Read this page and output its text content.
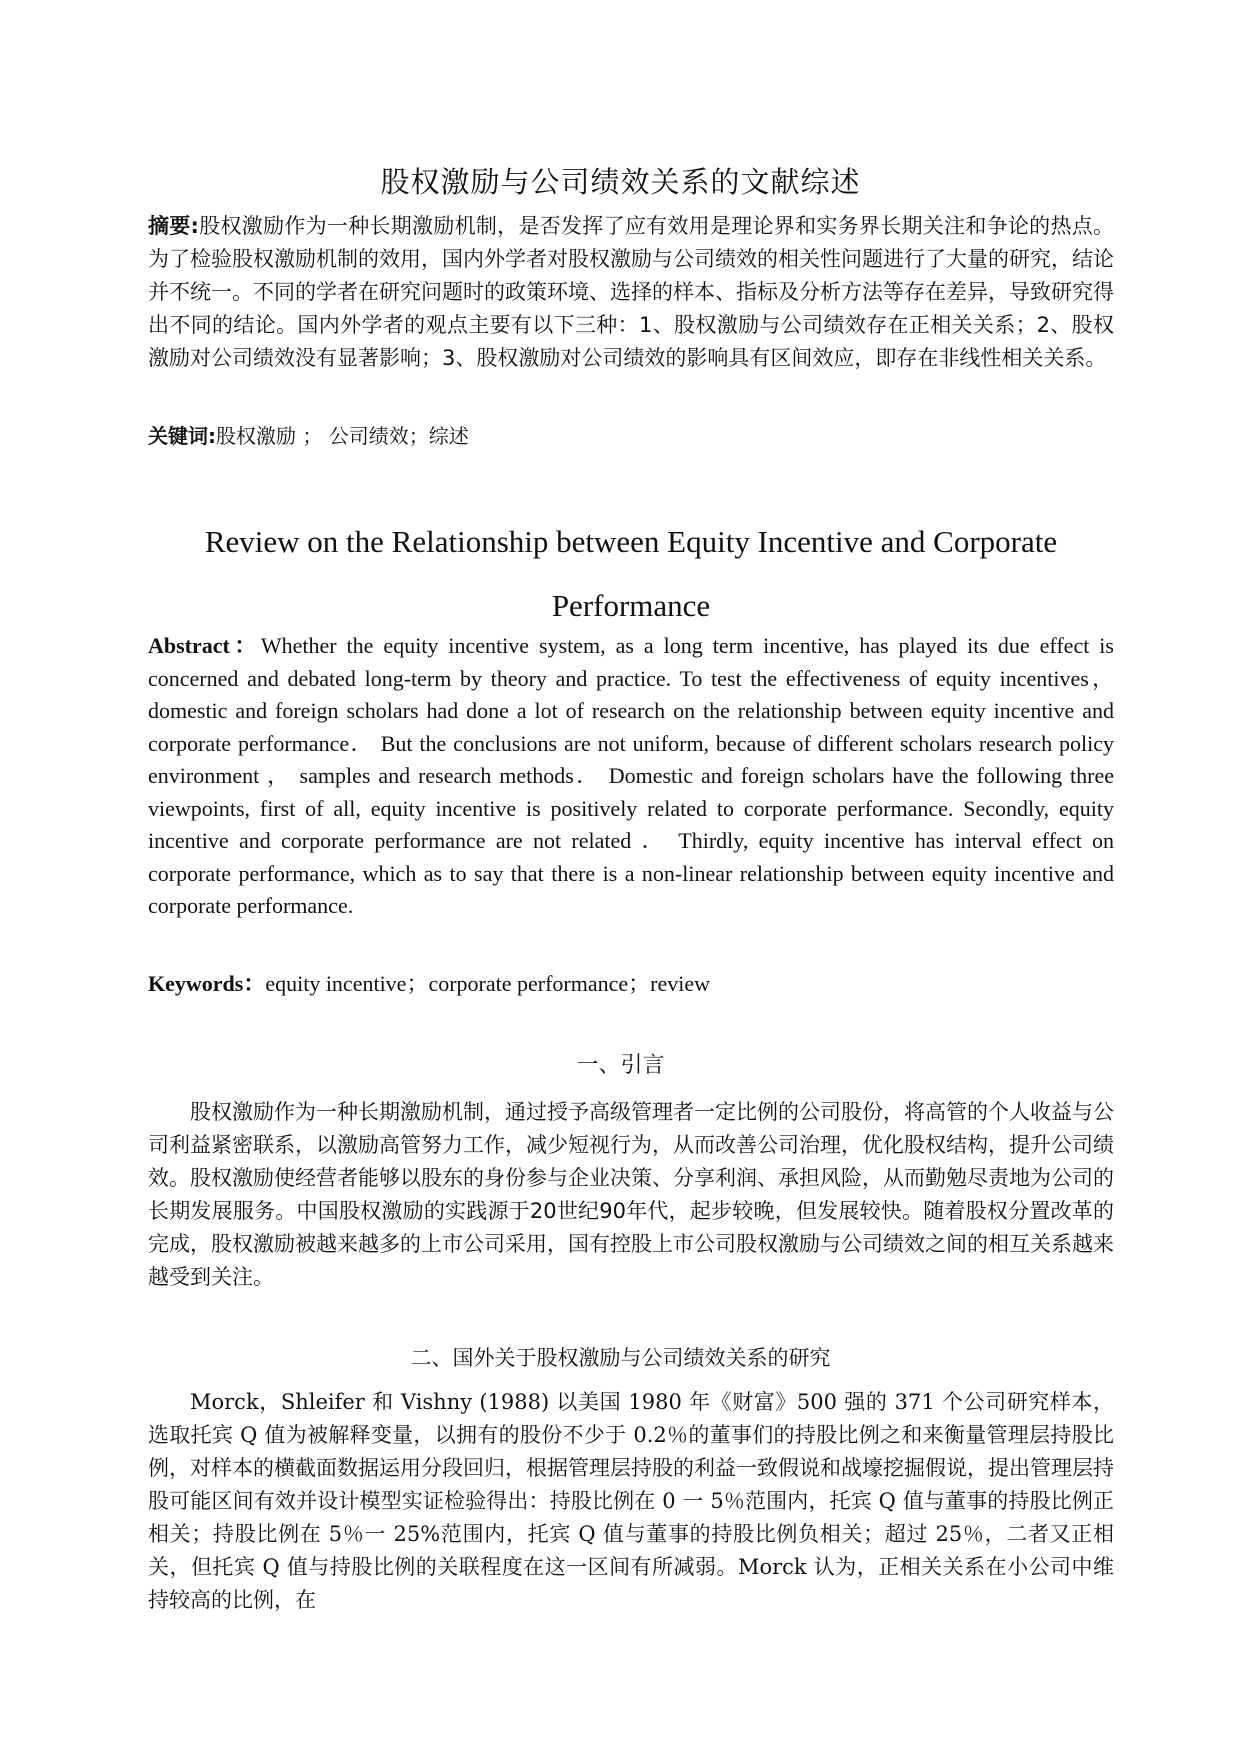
股权激励与公司绩效关系的文献综述
摘要:股权激励作为一种长期激励机制，是否发挥了应有效用是理论界和实务界长期关注和争论的热点。为了检验股权激励机制的效用，国内外学者对股权激励与公司绩效的相关性问题进行了大量的研究，结论并不统一。不同的学者在研究问题时的政策环境、选择的样本、指标及分析方法等存在差异，导致研究得出不同的结论。国内外学者的观点主要有以下三种：1、股权激励与公司绩效存在正相关关系；2、股权激励对公司绩效没有显著影响；3、股权激励对公司绩效的影响具有区间效应，即存在非线性相关关系。
关键词:股权激励 ； 公司绩效；综述
Review on the Relationship between Equity Incentive and Corporate
Performance
Abstract：Whether the equity incentive system, as a long term incentive, has played its due effect is concerned and debated long-term by theory and practice. To test the effectiveness of equity incentives， domestic and foreign scholars had done a lot of research on the relationship between equity incentive and corporate performance． But the conclusions are not uniform, because of different scholars research policy environment ， samples and research methods． Domestic and foreign scholars have the following three viewpoints, first of all, equity incentive is positively related to corporate performance. Secondly, equity incentive and corporate performance are not related ． Thirdly, equity incentive has interval effect on corporate performance, which as to say that there is a non-linear relationship between equity incentive and corporate performance.
Keywords：equity incentive；corporate performance；review
一、引言
股权激励作为一种长期激励机制，通过授予高级管理者一定比例的公司股份，将高管的个人收益与公司利益紧密联系，以激励高管努力工作，减少短视行为，从而改善公司治理，优化股权结构，提升公司绩效。股权激励使经营者能够以股东的身份参与企业决策、分享利润、承担风险，从而勤勉尽责地为公司的长期发展服务。中国股权激励的实践源于20世纪90年代，起步较晚，但发展较快。随着股权分置改革的完成，股权激励被越来越多的上市公司采用，国有控股上市公司股权激励与公司绩效之间的相互关系越来越受到关注。
二、国外关于股权激励与公司绩效关系的研究
Morck，Shleifer 和 Vishny (1988) 以美国 1980 年《财富》500 强的 371 个公司研究样本，选取托宾 Q 值为被解释变量，以拥有的股份不少于 0.2％的董事们的持股比例之和来衡量管理层持股比例，对样本的横截面数据运用分段回归，根据管理层持股的利益一致假说和战壕挖掘假说，提出管理层持股可能区间有效并设计模型实证检验得出：持股比例在 0 一 5％范围内，托宾 Q 值与董事的持股比例正相关；持股比例在 5％一 25%范围内，托宾 Q 值与董事的持股比例负相关；超过 25％，二者又正相关，但托宾 Q 值与持股比例的关联程度在这一区间有所减弱。Morck 认为，正相关关系在小公司中维持较高的比例，在
